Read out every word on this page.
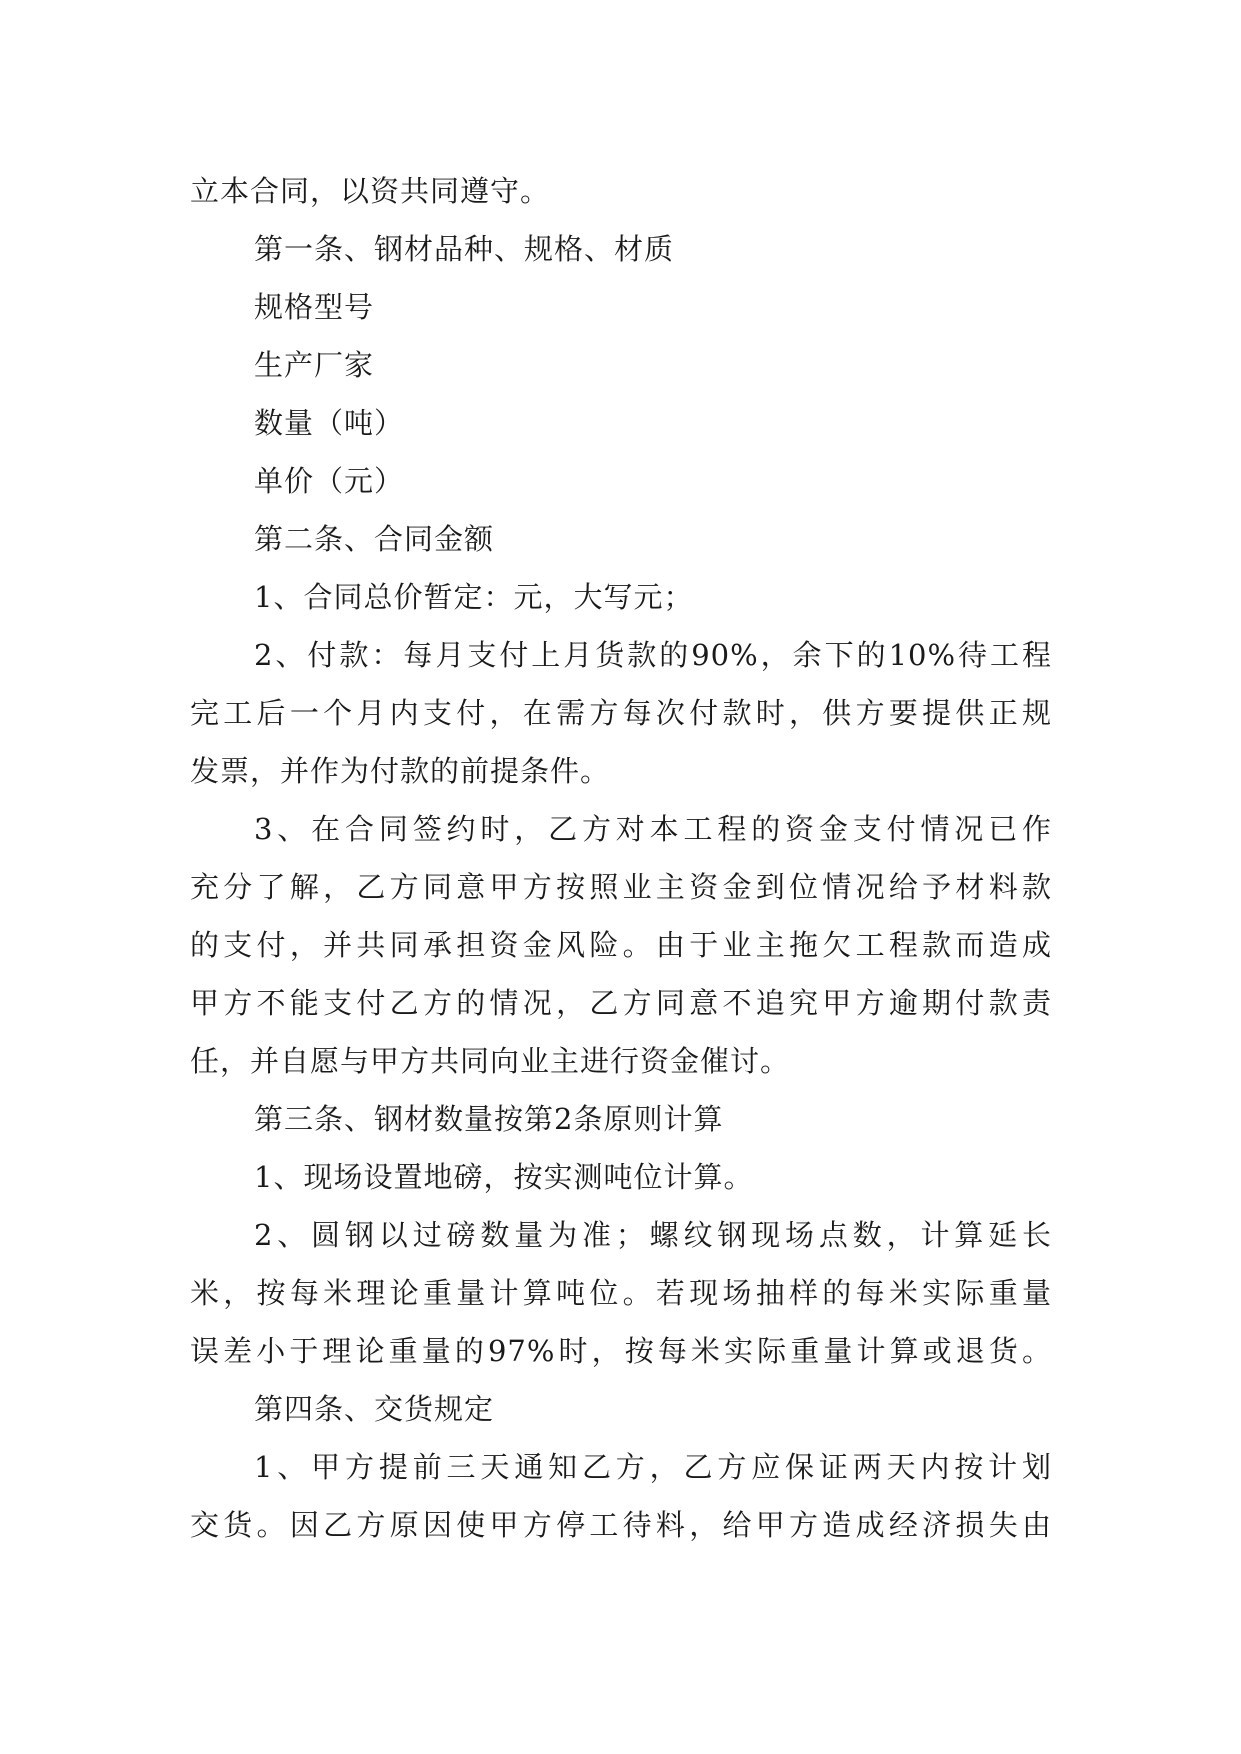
立本合同，以资共同遵守。
第一条、钢材品种、规格、材质
规格型号
生产厂家
数量（吨）
单价（元）
第二条、合同金额
1、合同总价暂定：元，大写元；
2、付款：每月支付上月货款的90%，余下的10%待工程
完工后一个月内支付，在需方每次付款时，供方要提供正规
发票，并作为付款的前提条件。
3、在合同签约时，乙方对本工程的资金支付情况已作
充分了解，乙方同意甲方按照业主资金到位情况给予材料款
的支付，并共同承担资金风险。由于业主拖欠工程款而造成
甲方不能支付乙方的情况，乙方同意不追究甲方逾期付款责
任，并自愿与甲方共同向业主进行资金催讨。
第三条、钢材数量按第2条原则计算
1、现场设置地磅，按实测吨位计算。
2、圆钢以过磅数量为准；螺纹钢现场点数，计算延长
米，按每米理论重量计算吨位。若现场抽样的每米实际重量
误差小于理论重量的97%时，按每米实际重量计算或退货。
第四条、交货规定
1、甲方提前三天通知乙方，乙方应保证两天内按计划
交货。因乙方原因使甲方停工待料，给甲方造成经济损失由
